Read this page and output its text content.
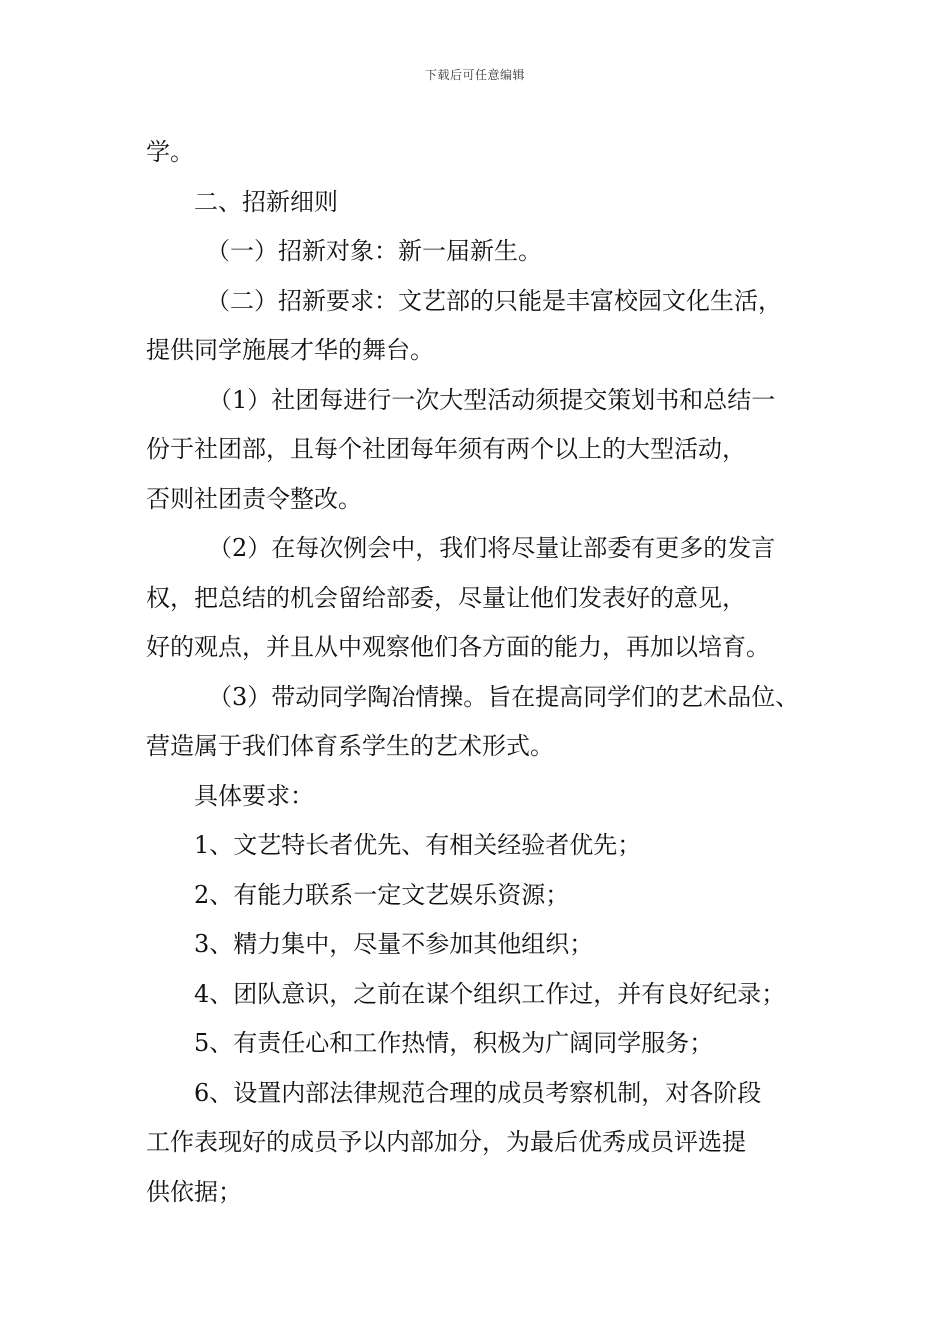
下载后可任意编辑
学。
二、招新细则
（一）招新对象：新一届新生。
（二）招新要求：文艺部的只能是丰富校园文化生活，
提供同学施展才华的舞台。
（1）社团每进行一次大型活动须提交策划书和总结一
份于社团部，且每个社团每年须有两个以上的大型活动，
否则社团责令整改。
（2）在每次例会中，我们将尽量让部委有更多的发言
权，把总结的机会留给部委，尽量让他们发表好的意见，
好的观点，并且从中观察他们各方面的能力，再加以培育。
（3）带动同学陶冶情操。旨在提高同学们的艺术品位、
营造属于我们体育系学生的艺术形式。
具体要求：
1、文艺特长者优先、有相关经验者优先；
2、有能力联系一定文艺娱乐资源；
3、精力集中，尽量不参加其他组织；
4、团队意识，之前在谋个组织工作过，并有良好纪录；
5、有责任心和工作热情，积极为广阔同学服务；
6、设置内部法律规范合理的成员考察机制，对各阶段
工作表现好的成员予以内部加分，为最后优秀成员评选提
供依据；
